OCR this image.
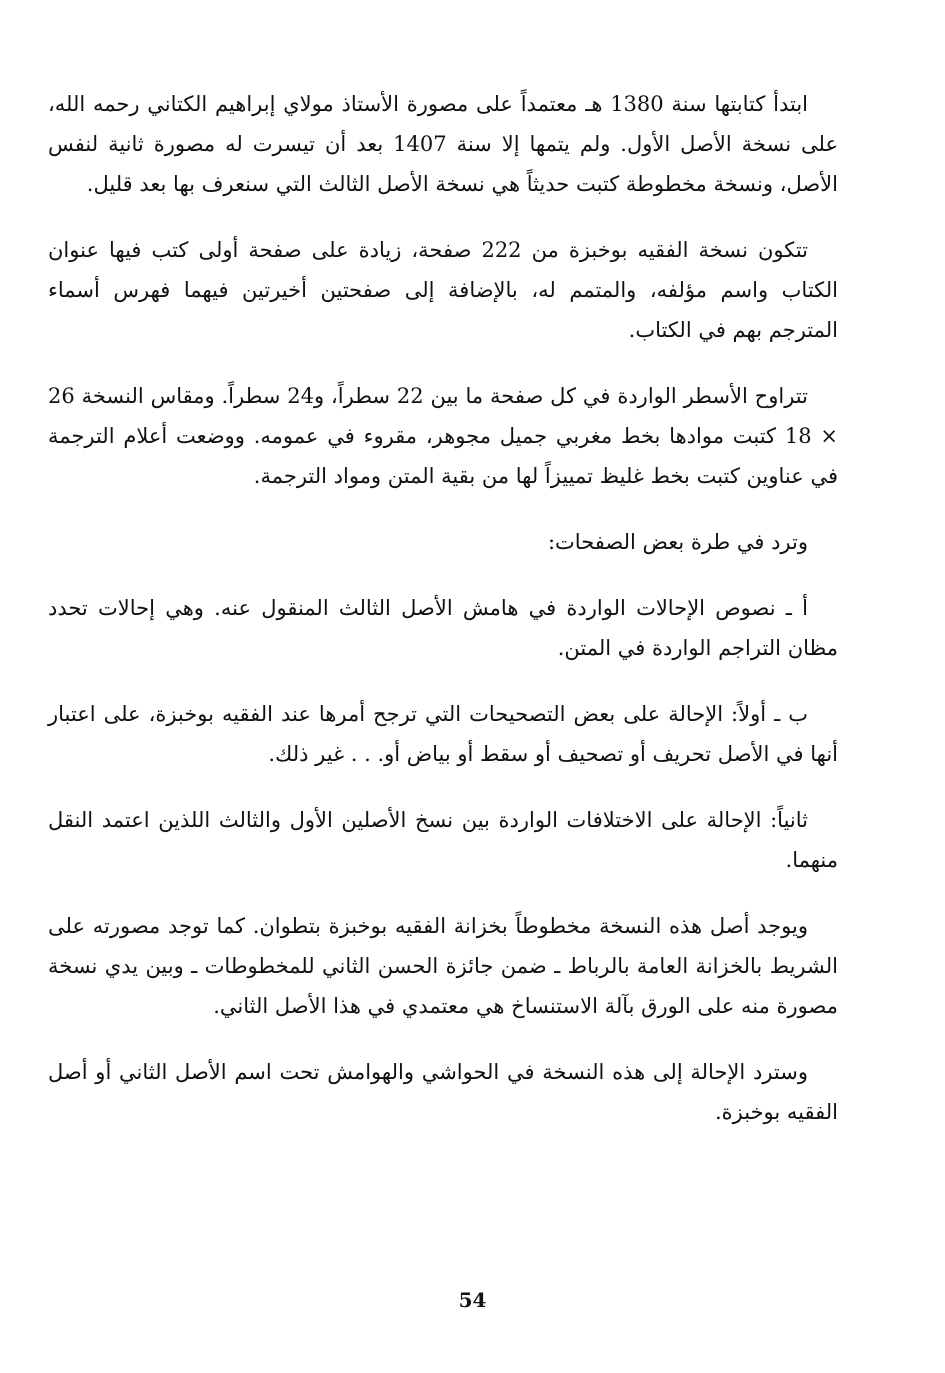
ابتدأ كتابتها سنة 1380 هـ معتمداً على مصورة الأستاذ مولاي إبراهيم الكتاني رحمه الله، على نسخة الأصل الأول. ولم يتمها إلا سنة 1407 بعد أن تيسرت له مصورة ثانية لنفس الأصل، ونسخة مخطوطة كتبت حديثاً هي نسخة الأصل الثالث التي سنعرف بها بعد قليل.

تتكون نسخة الفقيه بوخبزة من 222 صفحة، زيادة على صفحة أولى كتب فيها عنوان الكتاب واسم مؤلفه، والمتمم له، بالإضافة إلى صفحتين أخيرتين فيهما فهرس أسماء المترجم بهم في الكتاب.

تتراوح الأسطر الواردة في كل صفحة ما بين 22 سطراً، و24 سطراً. ومقاس النسخة 26 × 18 كتبت موادها بخط مغربي جميل مجوهر، مقروء في عمومه. ووضعت أعلام الترجمة في عناوين كتبت بخط غليظ تمييزاً لها من بقية المتن ومواد الترجمة.

وترد في طرة بعض الصفحات:

أ ـ نصوص الإحالات الواردة في هامش الأصل الثالث المنقول عنه. وهي إحالات تحدد مظان التراجم الواردة في المتن.

ب ـ أولاً: الإحالة على بعض التصحيحات التي ترجح أمرها عند الفقيه بوخبزة، على اعتبار أنها في الأصل تحريف أو تصحيف أو سقط أو بياض أو. . . غير ذلك.

ثانياً: الإحالة على الاختلافات الواردة بين نسخ الأصلين الأول والثالث اللذين اعتمد النقل منهما.

ويوجد أصل هذه النسخة مخطوطاً بخزانة الفقيه بوخبزة بتطوان. كما توجد مصورته على الشريط بالخزانة العامة بالرباط ـ ضمن جائزة الحسن الثاني للمخطوطات ـ وبين يدي نسخة مصورة منه على الورق بآلة الاستنساخ هي معتمدي في هذا الأصل الثاني.

وسترد الإحالة إلى هذه النسخة في الحواشي والهوامش تحت اسم الأصل الثاني أو أصل الفقيه بوخبزة.

54
